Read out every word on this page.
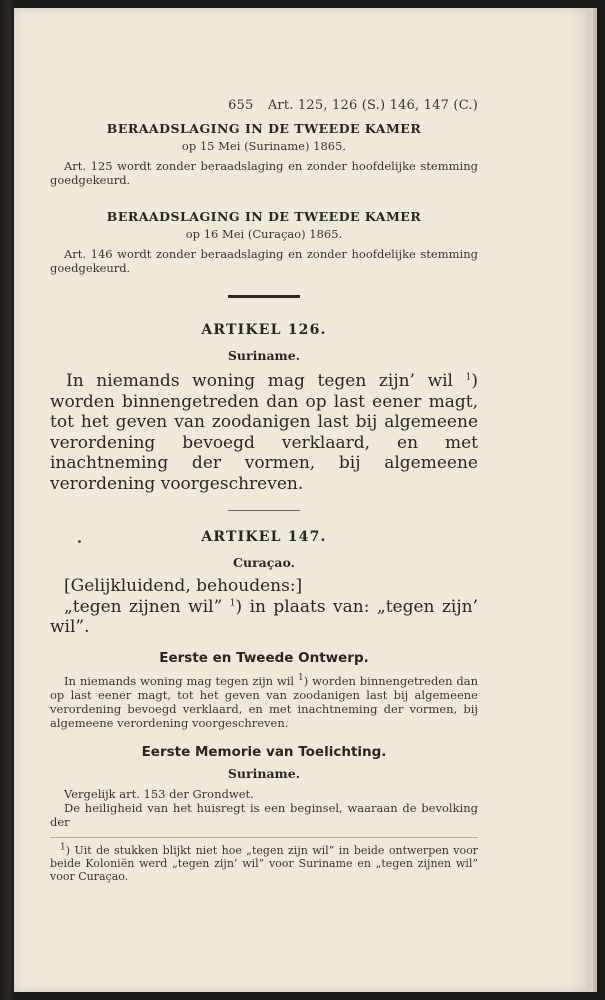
655 Art. 125, 126 (S.) 146, 147 (C.)
BERAADSLAGING IN DE TWEEDE KAMER
op 15 Mei (Suriname) 1865.
Art. 125 wordt zonder beraadslaging en zonder hoofdelijke stemming goedgekeurd.
BERAADSLAGING IN DE TWEEDE KAMER
op 16 Mei (Curaçao) 1865.
Art. 146 wordt zonder beraadslaging en zonder hoofdelijke stemming goedgekeurd.
ARTIKEL 126.
Suriname.
In niemands woning mag tegen zijn’ wil $^1$) worden binnengetreden dan op last eener magt, tot het geven van zoodanigen last bij algemeene verordening bevoegd verklaard, en met inachtneming der vormen, bij algemeene verordening voorgeschreven.
ARTIKEL 147.
Curaçao.
[Gelijkluidend, behoudens:]
„tegen zijnen wil” $^1$) in plaats van: „tegen zijn’ wil”.
Eerste en Tweede Ontwerp.
In niemands woning mag tegen zijn wil $^1$) worden binnengetreden dan op last eener magt, tot het geven van zoodanigen last bij algemeene verordening bevoegd verklaard, en met inachtneming der vormen, bij algemeene verordening voorgeschreven.
Eerste Memorie van Toelichting.
Suriname.
Vergelijk art. 153 der Grondwet.
De heiligheid van het huisregt is een beginsel, waaraan de bevolking der
$^1$) Uit de stukken blijkt niet hoe „tegen zijn wil” in beide ontwerpen voor beide Koloniën werd „tegen zijn’ wil” voor Suriname en „tegen zijnen wil” voor Curaçao.
